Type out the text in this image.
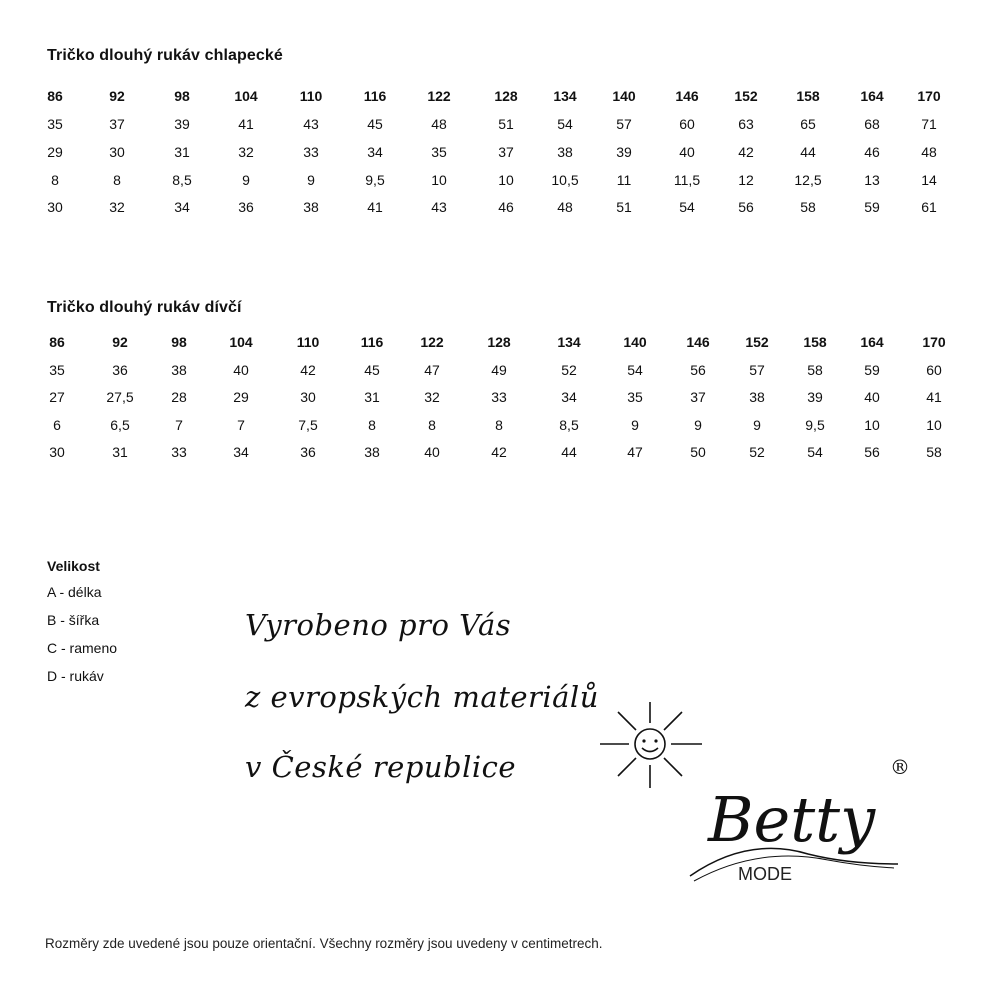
Tričko dlouhý rukáv chlapecké
86	92	98	104	110	116	122	128	134	140	146	152	158	164	170
35	37	39	41	43	45	48	51	54	57	60	63	65	68	71
29	30	31	32	33	34	35	37	38	39	40	42	44	46	48
8	8	8,5	9	9	9,5	10	10	10,5	11	11,5	12	12,5	13	14
30	32	34	36	38	41	43	46	48	51	54	56	58	59	61
Tričko dlouhý rukáv dívčí
86	92	98	104	110	116	122	128	134	140	146	152	158	164	170
35	36	38	40	42	45	47	49	52	54	56	57	58	59	60
27	27,5	28	29	30	31	32	33	34	35	37	38	39	40	41
6	6,5	7	7	7,5	8	8	8	8,5	9	9	9	9,5	10	10
30	31	33	34	36	38	40	42	44	47	50	52	54	56	58
Velikost
A - délka
B - šířka
C - rameno
D - rukáv
Vyrobeno pro Vás
z evropských materiálů
v České republice
Betty
®
MODE
Rozměry zde uvedené jsou pouze orientační. Všechny rozměry jsou uvedeny v centimetrech.
